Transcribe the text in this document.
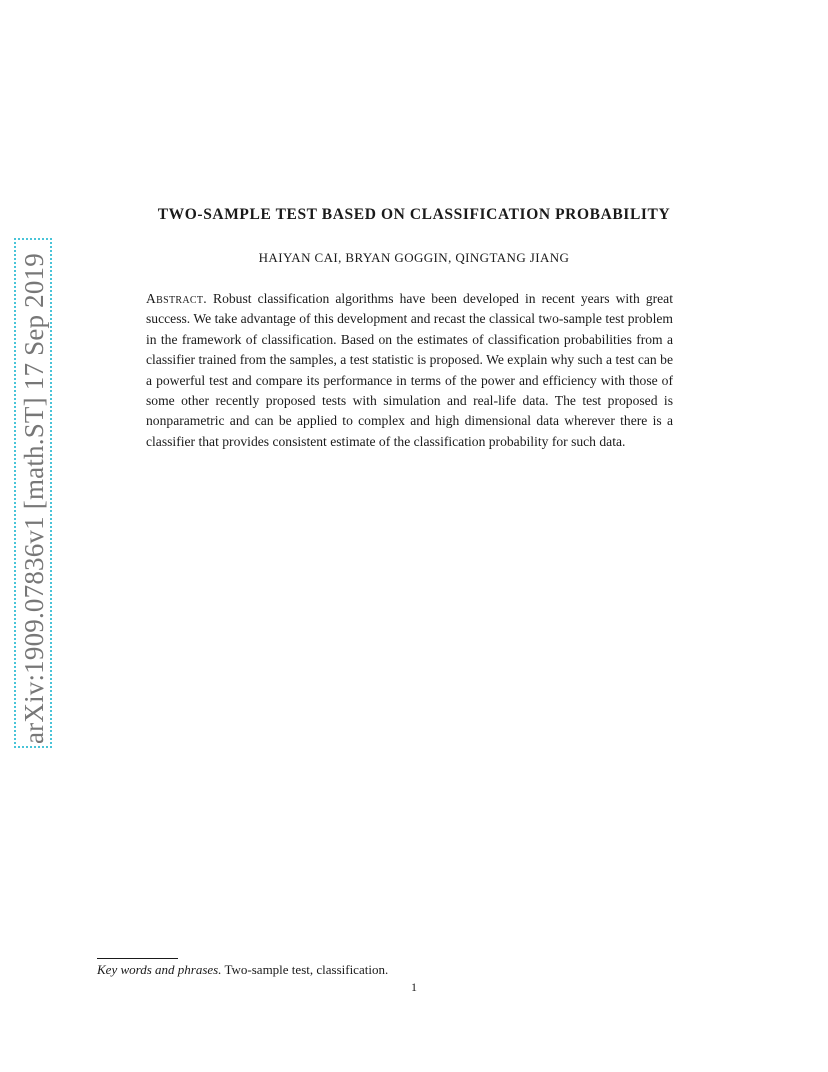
arXiv:1909.07836v1 [math.ST] 17 Sep 2019
TWO-SAMPLE TEST BASED ON CLASSIFICATION PROBABILITY
HAIYAN CAI, BRYAN GOGGIN, QINGTANG JIANG
Abstract. Robust classification algorithms have been developed in recent years with great success. We take advantage of this development and recast the classical two-sample test problem in the framework of classification. Based on the estimates of classification probabilities from a classifier trained from the samples, a test statistic is proposed. We explain why such a test can be a powerful test and compare its performance in terms of the power and efficiency with those of some other recently proposed tests with simulation and real-life data. The test proposed is nonparametric and can be applied to complex and high dimensional data wherever there is a classifier that provides consistent estimate of the classification probability for such data.
Key words and phrases. Two-sample test, classification.
1
